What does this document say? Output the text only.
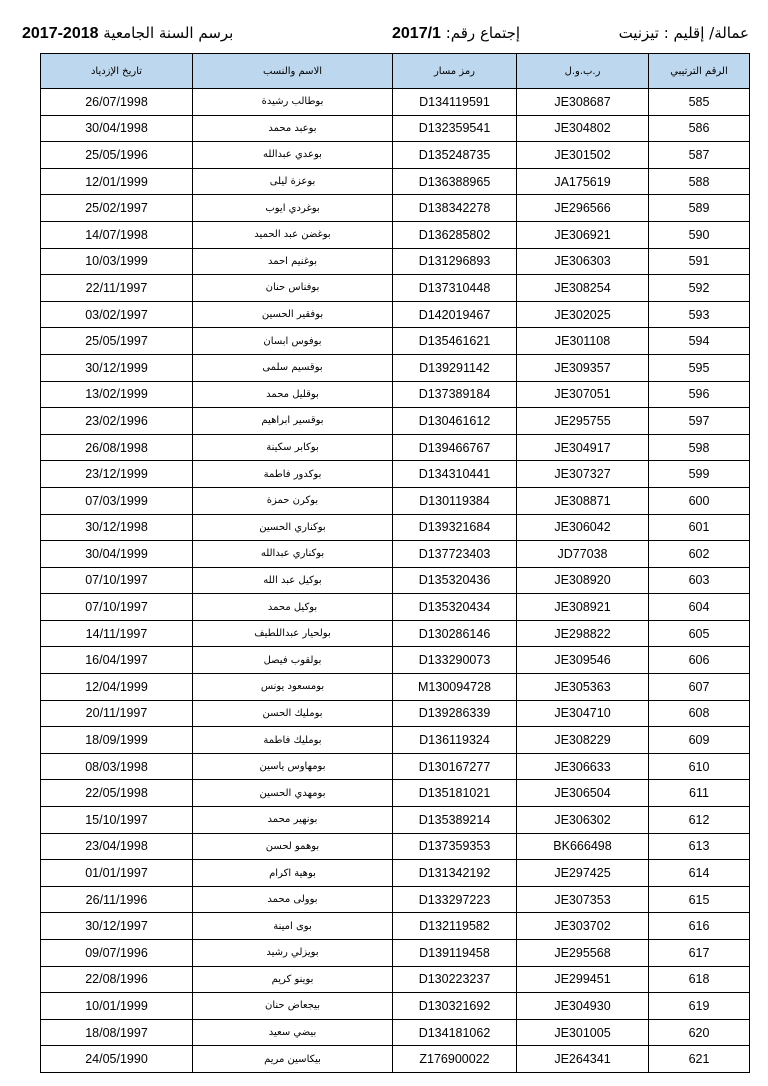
برسم السنة الجامعية 2018-2017	إجتماع رقم: 2017/1	عمالة/ إقليم : تيزنيت
تاريخ الإزدياد	الاسم والنسب	رمز مسار	ر.ب.و.ل	الرقم الترتيبي
26/07/1998	بوطالب رشيدة	D134119591	JE308687	585
30/04/1998	بوعبد محمد	D132359541	JE304802	586
25/05/1996	بوعدي عبدالله	D135248735	JE301502	587
12/01/1999	بوعزة ليلى	D136388965	JA175619	588
25/02/1997	بوغردي ايوب	D138342278	JE296566	589
14/07/1998	بوغضن عبد الحميد	D136285802	JE306921	590
10/03/1999	بوغنيم احمد	D131296893	JE306303	591
22/11/1997	بوفناس حنان	D137310448	JE308254	592
03/02/1997	بوفقير الحسين	D142019467	JE302025	593
25/05/1997	بوفوس ابسان	D135461621	JE301108	594
30/12/1999	بوقسيم سلمى	D139291142	JE309357	595
13/02/1999	بوقليل محمد	D137389184	JE307051	596
23/02/1996	بوقسير ابراهيم	D130461612	JE295755	597
26/08/1998	بوكابر سكينة	D139466767	JE304917	598
23/12/1999	بوكدور فاطمة	D134310441	JE307327	599
07/03/1999	بوكرن حمزة	D130119384	JE308871	600
30/12/1998	بوكناري الحسين	D139321684	JE306042	601
30/04/1999	بوكناري عبدالله	D137723403	JD77038	602
07/10/1997	بوكيل عبد الله	D135320436	JE308920	603
07/10/1997	بوكيل محمد	D135320434	JE308921	604
14/11/1997	بولحيار عبداللطيف	D130286146	JE298822	605
16/04/1997	بولقوب فيصل	D133290073	JE309546	606
12/04/1999	بومسعود يونس	M130094728	JE305363	607
20/11/1997	بومليك الحسن	D139286339	JE304710	608
18/09/1999	بومليك فاطمة	D136119324	JE308229	609
08/03/1998	بومهاوس ياسين	D130167277	JE306633	610
22/05/1998	بومهدي الحسين	D135181021	JE306504	611
15/10/1997	بونهير محمد	D135389214	JE306302	612
23/04/1998	بوهمو لحسن	D137359353	BK666498	613
01/01/1997	بوهية اكرام	D131342192	JE297425	614
26/11/1996	بوولى محمد	D133297223	JE307353	615
30/12/1997	بوى امينة	D132119582	JE303702	616
09/07/1996	بويزلي رشيد	D139119458	JE295568	617
22/08/1996	بوينو كريم	D130223237	JE299451	618
10/01/1999	بيجعاض حنان	D130321692	JE304930	619
18/08/1997	بيضي سعيد	D134181062	JE301005	620
24/05/1990	بيكاسين مريم	Z176900022	JE264341	621
